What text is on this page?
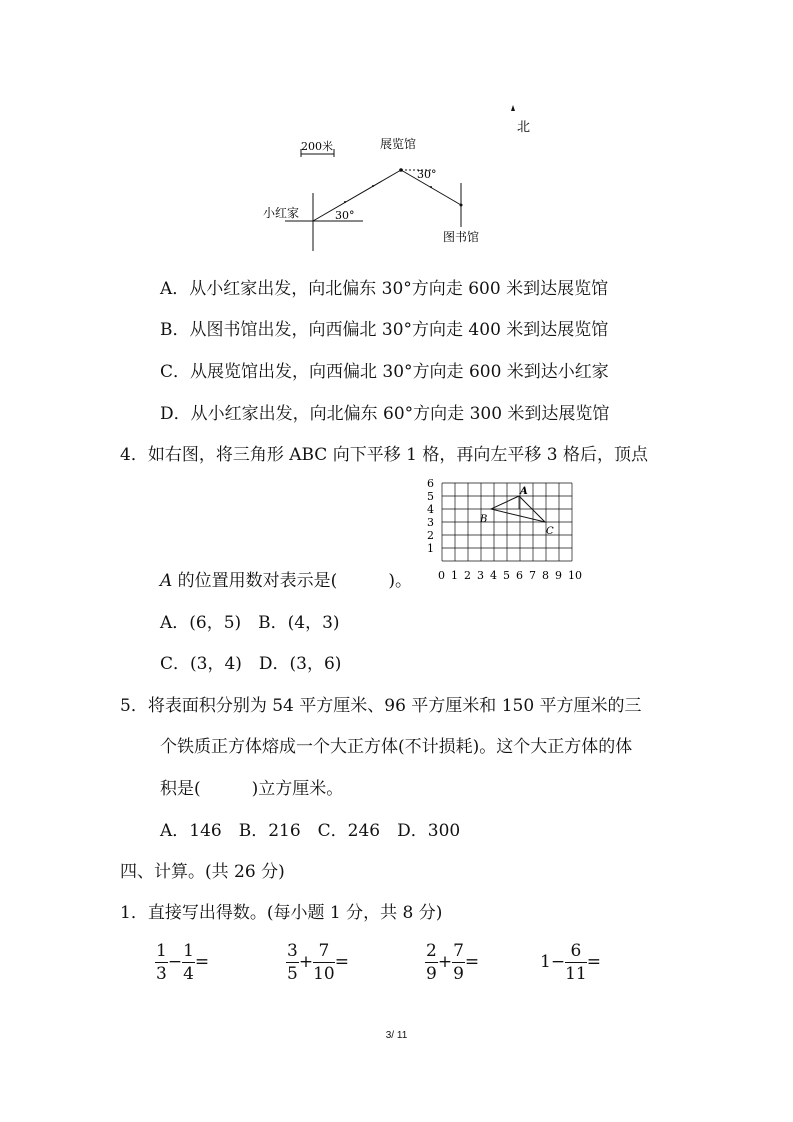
北
200米	展览馆
小红家	30°
30°
图书馆
A．从小红家出发，向北偏东 30°方向走 600 米到达展览馆
B．从图书馆出发，向西偏北 30°方向走 400 米到达展览馆
C．从展览馆出发，向西偏北 30°方向走 600 米到达小红家
D．从小红家出发，向北偏东 60°方向走 300 米到达展览馆
4．如右图，将三角形 ABC 向下平移 1 格，再向左平移 3 格后，顶点
6
5
4
3
2
1
0 1 2 3 4 5 6 7 8 9 10
A
B
C
A 的位置用数对表示是(　　　)。
A．(6，5)　B．(4，3)
C．(3，4)　D．(3，6)
5．将表面积分别为 54 平方厘米、96 平方厘米和 150 平方厘米的三
个铁质正方体熔成一个大正方体(不计损耗)。这个大正方体的体
积是(　　　)立方厘米。
A．146　B．216　C．246　D．300
四、计算。(共 26 分)
1．直接写出得数。(每小题 1 分，共 8 分)
$\frac{1}{3} - \frac{1}{4}$ =	$\frac{3}{5} + \frac{7}{10}$ =	$\frac{2}{9} + \frac{7}{9}$ =	$1- \frac{6}{11}$ =
3/ 11
